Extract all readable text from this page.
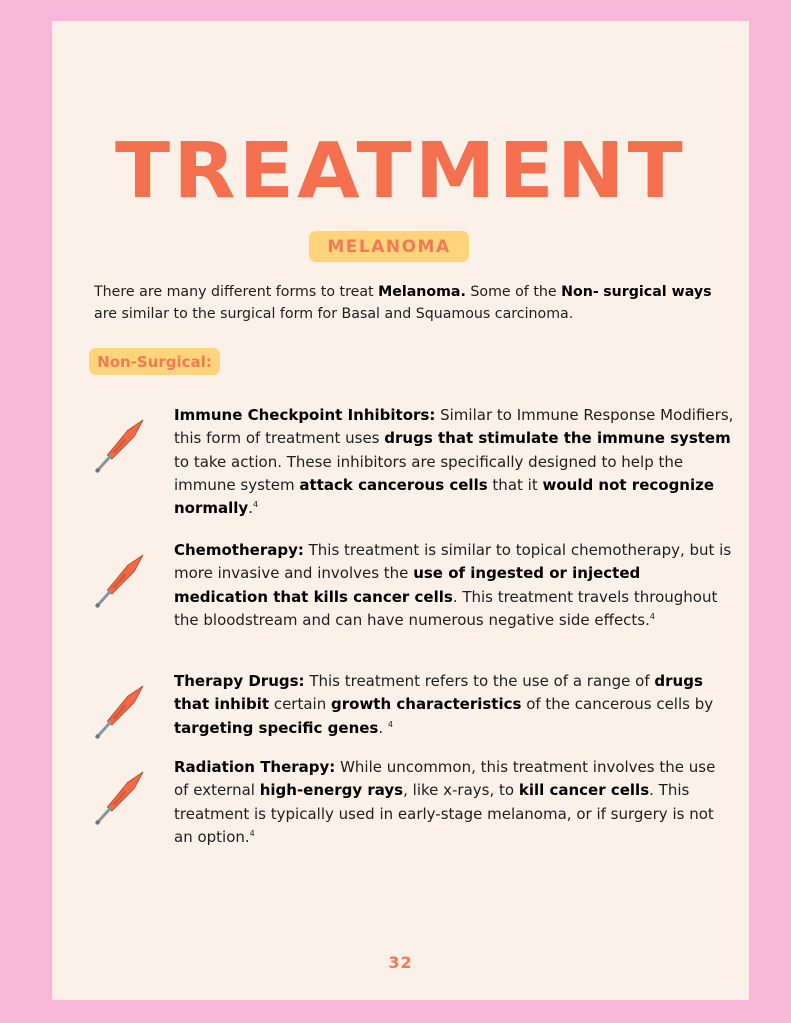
TREATMENT
MELANOMA
There are many different forms to treat Melanoma. Some of the Non- surgical ways are similar to the surgical form for Basal and Squamous carcinoma.
Non-Surgical:
Immune Checkpoint Inhibitors: Similar to Immune Response Modifiers, this form of treatment uses drugs that stimulate the immune system to take action. These inhibitors are specifically designed to help the immune system attack cancerous cells that it would not recognize normally.$^4$
Chemotherapy: This treatment is similar to topical chemotherapy, but is more invasive and involves the use of ingested or injected medication that kills cancer cells. This treatment travels throughout the bloodstream and can have numerous negative side effects.$^4$
Therapy Drugs: This treatment refers to the use of a range of drugs that inhibit certain growth characteristics of the cancerous cells by targeting specific genes. $^4$
Radiation Therapy: While uncommon, this treatment involves the use of external high-energy rays, like x-rays, to kill cancer cells. This treatment is typically used in early-stage melanoma, or if surgery is not an option.$^4$
32
